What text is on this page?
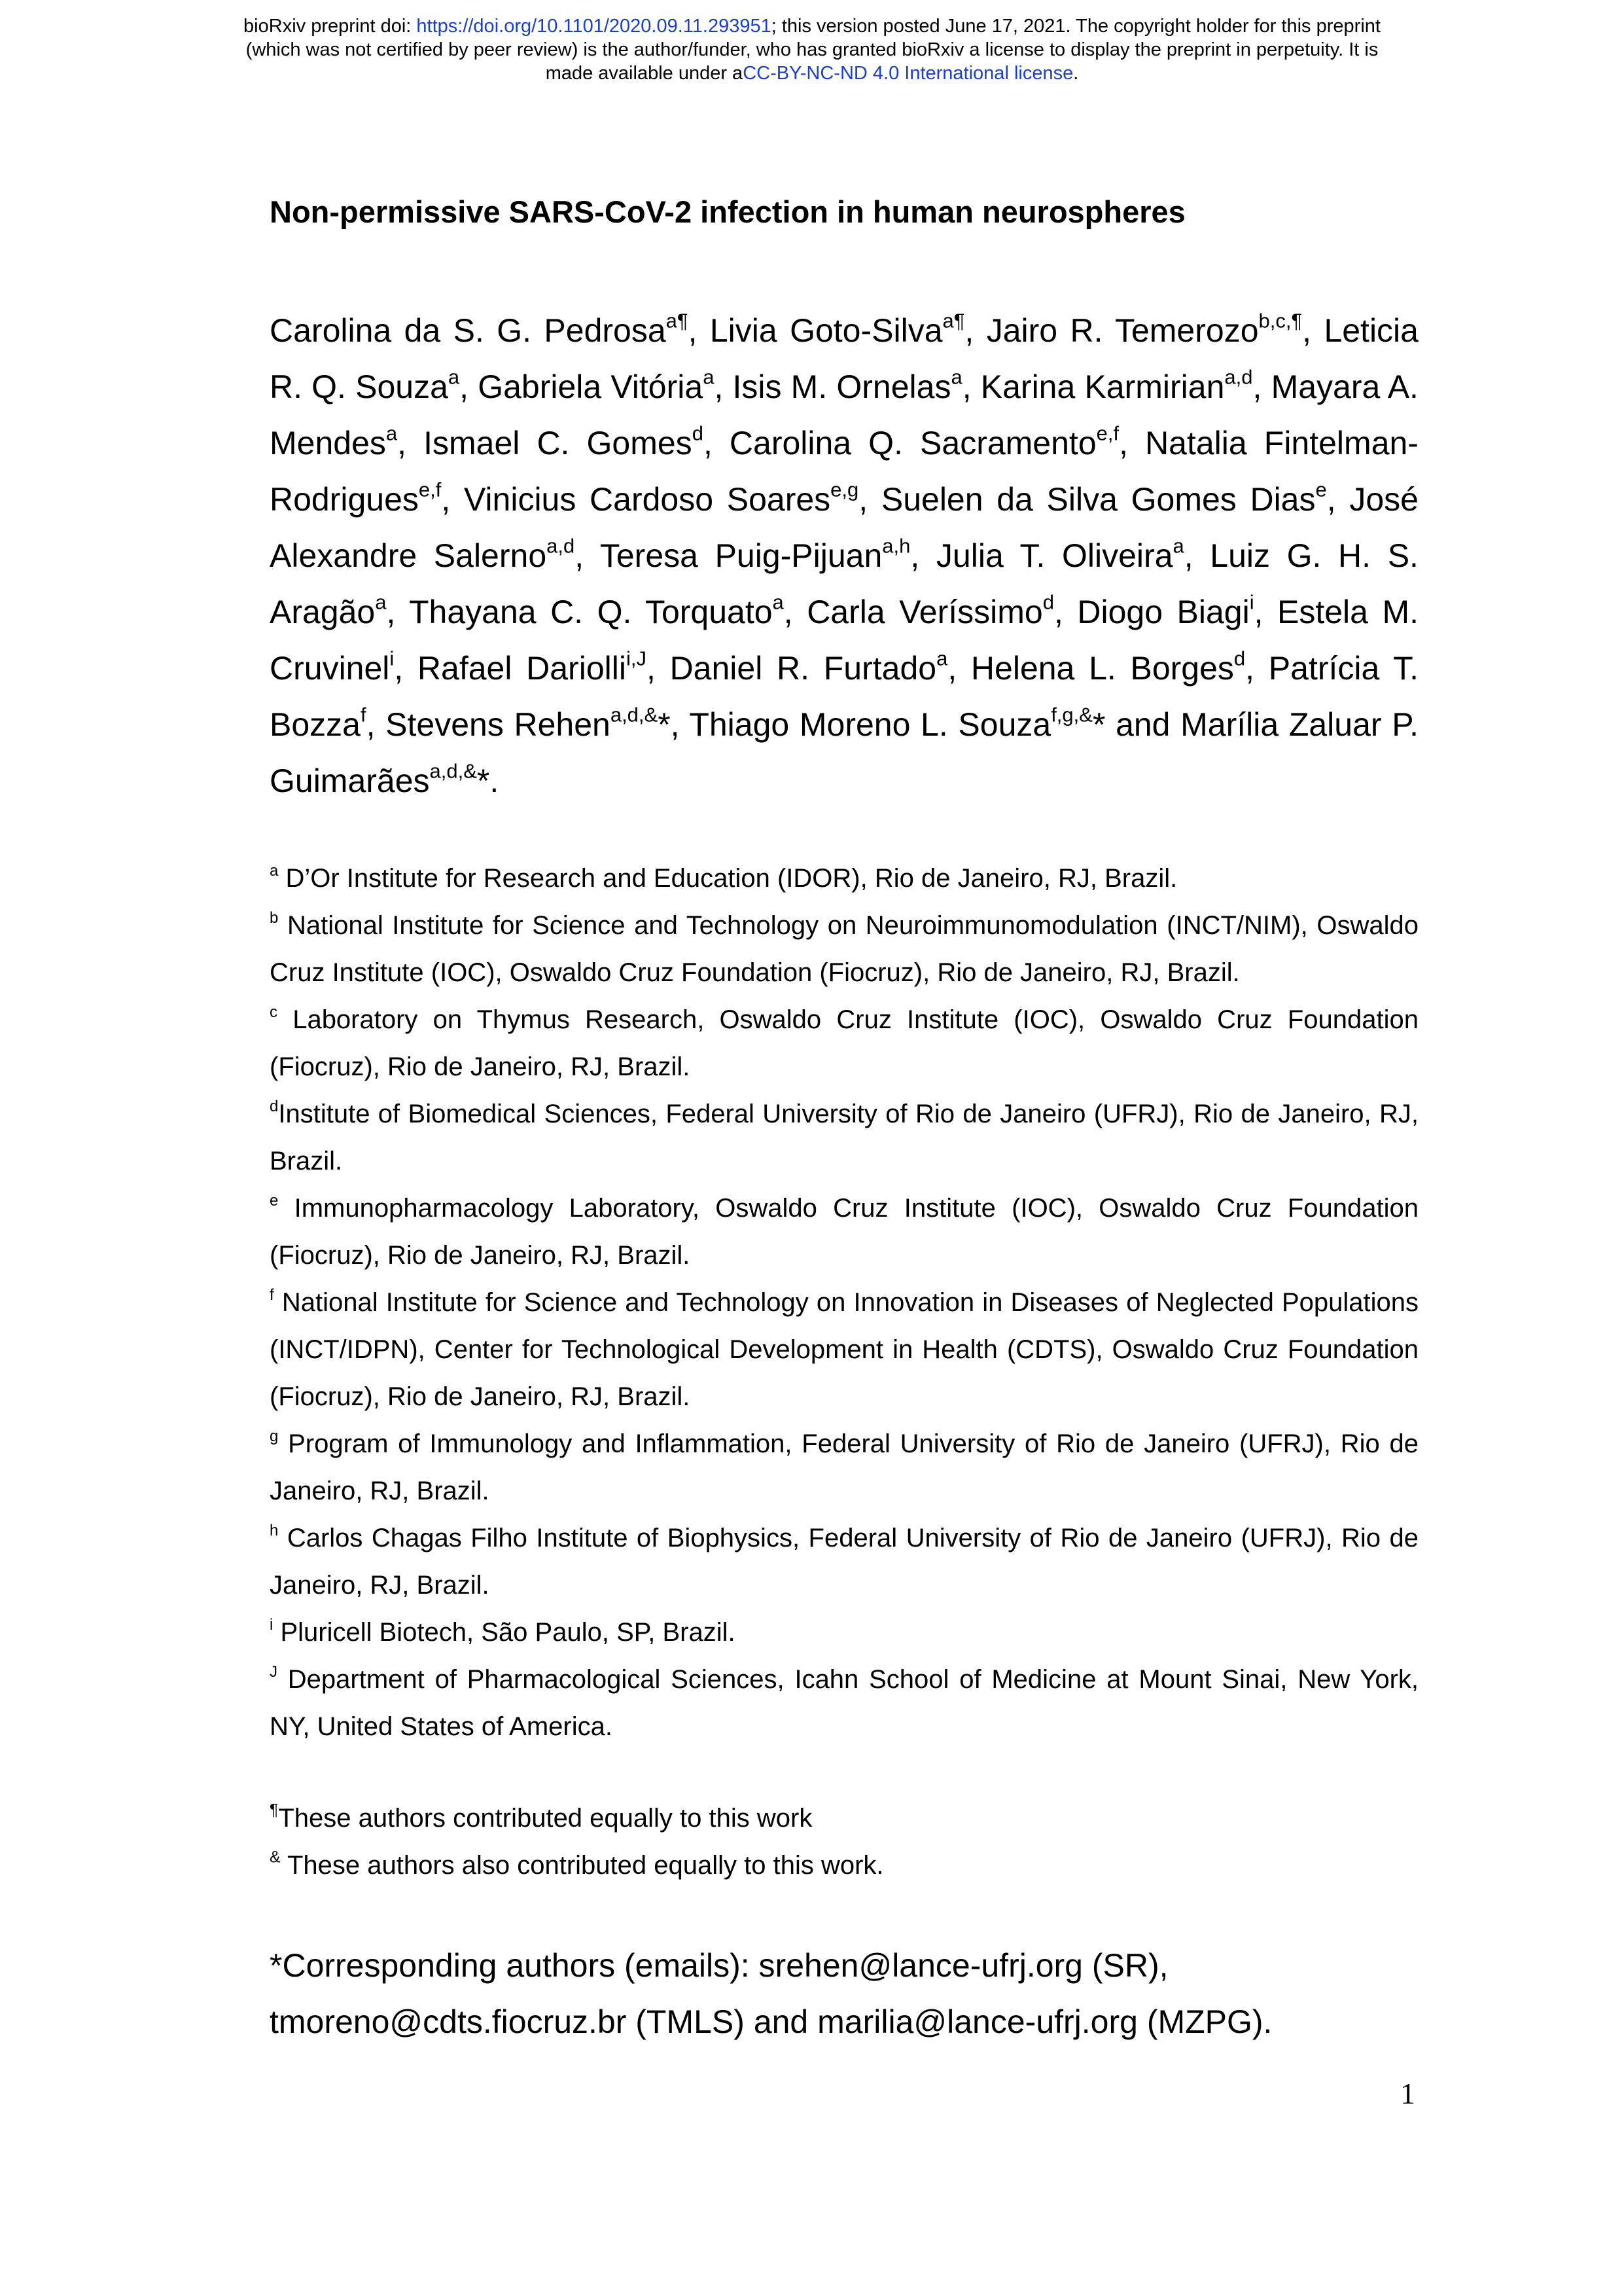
bioRxiv preprint doi: https://doi.org/10.1101/2020.09.11.293951; this version posted June 17, 2021. The copyright holder for this preprint
(which was not certified by peer review) is the author/funder, who has granted bioRxiv a license to display the preprint in perpetuity. It is
made available under aCC-BY-NC-ND 4.0 International license.
Non-permissive SARS-CoV-2 infection in human neurospheres

Carolina da S. G. Pedrosa$^{a\P}$, Livia Goto-Silva$^{a\P}$, Jairo R. Temerozo$^{b,c,\P}$, Leticia R. Q. Souza$^a$, Gabriela Vitória$^a$, Isis M. Ornelas$^a$, Karina Karmirian$^{a,d}$, Mayara A. Mendes$^a$, Ismael C. Gomes$^d$, Carolina Q. Sacramento$^{e,f}$, Natalia Fintelman-Rodrigues$^{e,f}$, Vinicius Cardoso Soares$^{e,g}$, Suelen da Silva Gomes Dias$^e$, José Alexandre Salerno$^{a,d}$, Teresa Puig-Pijuan$^{a,h}$, Julia T. Oliveira$^a$, Luiz G. H. S. Aragão$^a$, Thayana C. Q. Torquato$^a$, Carla Veríssimo$^d$, Diogo Biagi$^i$, Estela M. Cruvinel$^i$, Rafael Dariolli$^{i,J}$, Daniel R. Furtado$^a$, Helena L. Borges$^d$, Patrícia T. Bozza$^f$, Stevens Rehen$^{a,d,\&}$*, Thiago Moreno L. Souza$^{f,g,\&}$* and Marília Zaluar P. Guimarães$^{a,d,\&}$*.

$^a$ D’Or Institute for Research and Education (IDOR), Rio de Janeiro, RJ, Brazil.

$^b$ National Institute for Science and Technology on Neuroimmunomodulation (INCT/NIM), Oswaldo Cruz Institute (IOC), Oswaldo Cruz Foundation (Fiocruz), Rio de Janeiro, RJ, Brazil.

$^c$ Laboratory on Thymus Research, Oswaldo Cruz Institute (IOC), Oswaldo Cruz Foundation (Fiocruz), Rio de Janeiro, RJ, Brazil.

$^d$Institute of Biomedical Sciences, Federal University of Rio de Janeiro (UFRJ), Rio de Janeiro, RJ, Brazil.

$^e$ Immunopharmacology Laboratory, Oswaldo Cruz Institute (IOC), Oswaldo Cruz Foundation (Fiocruz), Rio de Janeiro, RJ, Brazil.

$^f$ National Institute for Science and Technology on Innovation in Diseases of Neglected Populations (INCT/IDPN), Center for Technological Development in Health (CDTS), Oswaldo Cruz Foundation (Fiocruz), Rio de Janeiro, RJ, Brazil.

$^g$ Program of Immunology and Inflammation, Federal University of Rio de Janeiro (UFRJ), Rio de Janeiro, RJ, Brazil.

$^h$ Carlos Chagas Filho Institute of Biophysics, Federal University of Rio de Janeiro (UFRJ), Rio de Janeiro, RJ, Brazil.

$^i$ Pluricell Biotech, São Paulo, SP, Brazil.

$^J$ Department of Pharmacological Sciences, Icahn School of Medicine at Mount Sinai, New York, NY, United States of America.

¶These authors contributed equally to this work

& These authors also contributed equally to this work.

*Corresponding authors (emails): srehen@lance-ufrj.org (SR),
tmoreno@cdts.fiocruz.br (TMLS) and marilia@lance-ufrj.org (MZPG).
1
